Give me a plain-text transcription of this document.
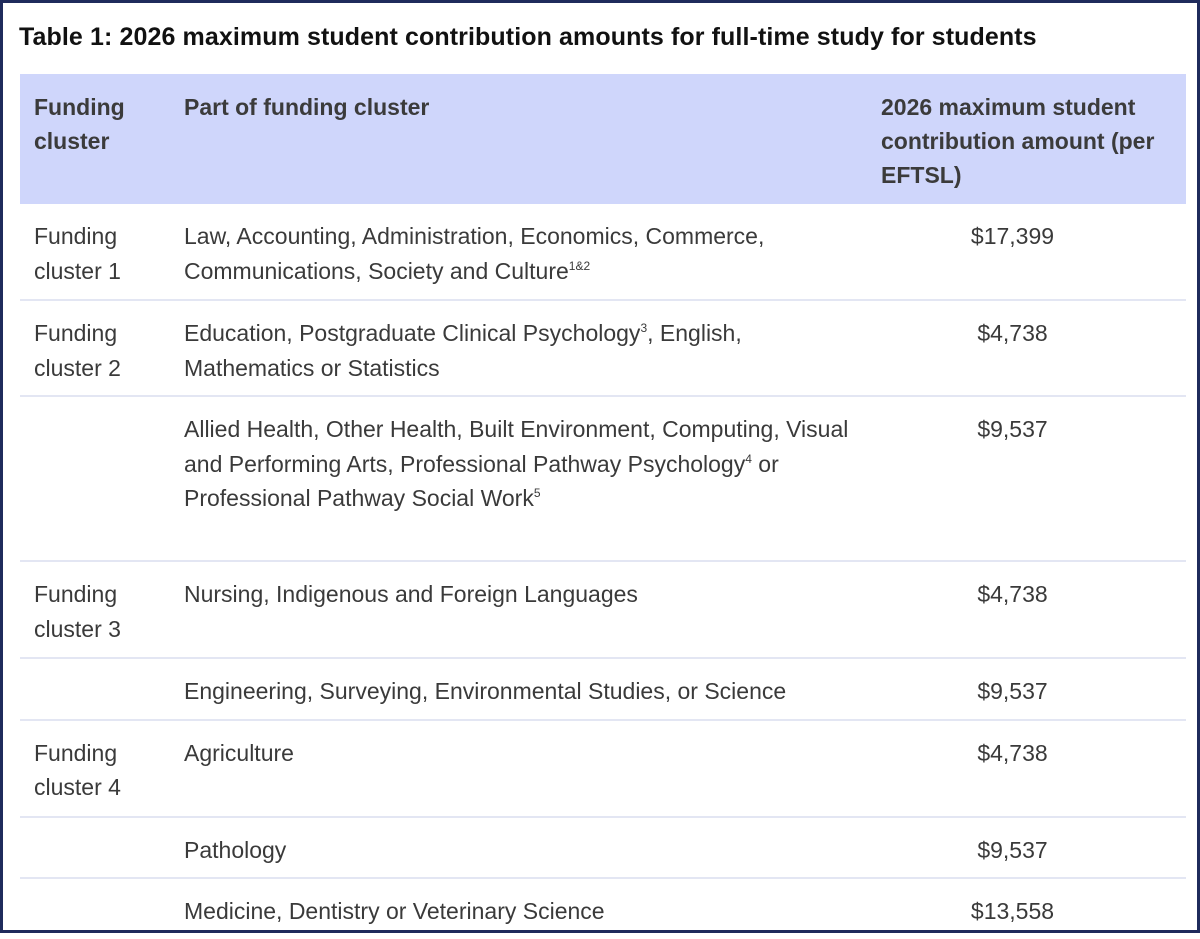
Table 1: 2026 maximum student contribution amounts for full-time study for students
Funding cluster	Part of funding cluster	2026 maximum student contribution amount (per EFTSL)
Funding cluster 1	Law, Accounting, Administration, Economics, Commerce, Communications, Society and Culture$^{1\&2}$	$17,399
Funding cluster 2	Education, Postgraduate Clinical Psychology$^3$, English, Mathematics or Statistics	$4,738
	Allied Health, Other Health, Built Environment, Computing, Visual and Performing Arts, Professional Pathway Psychology$^4$ or Professional Pathway Social Work$^5$	$9,537
Funding cluster 3	Nursing, Indigenous and Foreign Languages	$4,738
	Engineering, Surveying, Environmental Studies, or Science	$9,537
Funding cluster 4	Agriculture	$4,738
	Pathology	$9,537
	Medicine, Dentistry or Veterinary Science	$13,558
